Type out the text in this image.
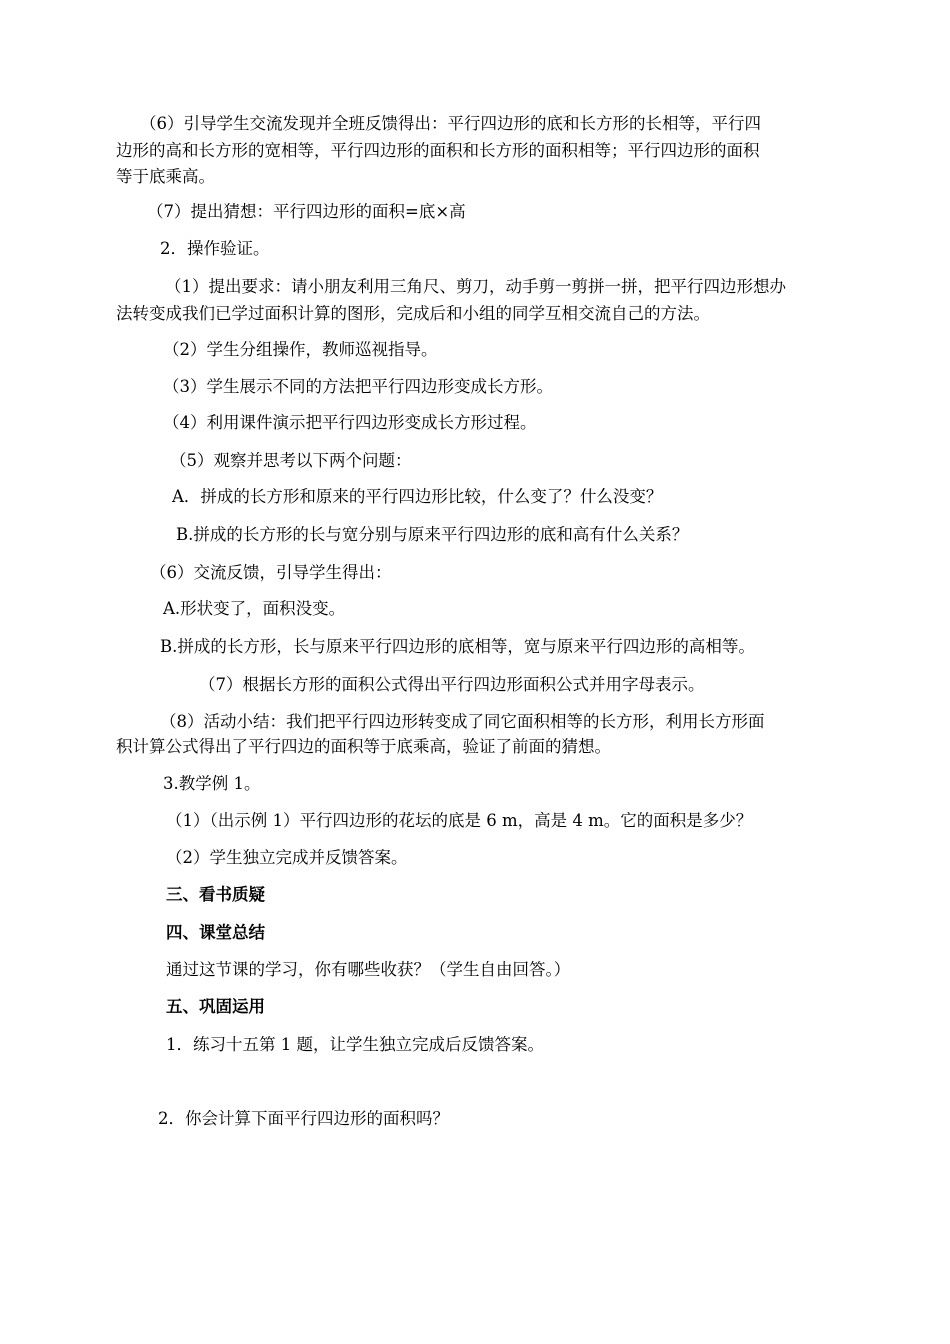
（6）引导学生交流发现并全班反馈得出：平行四边形的底和长方形的长相等，平行四
边形的高和长方形的宽相等，平行四边形的面积和长方形的面积相等；平行四边形的面积
等于底乘高。
（7）提出猜想：平行四边形的面积=底×高
2．操作验证。
（1）提出要求：请小朋友利用三角尺、剪刀，动手剪一剪拼一拼，把平行四边形想办
法转变成我们已学过面积计算的图形，完成后和小组的同学互相交流自己的方法。
（2）学生分组操作，教师巡视指导。
（3）学生展示不同的方法把平行四边形变成长方形。
（4）利用课件演示把平行四边形变成长方形过程。
（5）观察并思考以下两个问题：
A．拼成的长方形和原来的平行四边形比较，什么变了？什么没变？
B.拼成的长方形的长与宽分别与原来平行四边形的底和高有什么关系？
（6）交流反馈，引导学生得出：
A.形状变了，面积没变。
B.拼成的长方形，长与原来平行四边形的底相等，宽与原来平行四边形的高相等。
（7）根据长方形的面积公式得出平行四边形面积公式并用字母表示。
（8）活动小结：我们把平行四边形转变成了同它面积相等的长方形，利用长方形面
积计算公式得出了平行四边的面积等于底乘高，验证了前面的猜想。
3.教学例 1。
（1）（出示例 1）平行四边形的花坛的底是 6 m，高是 4 m。它的面积是多少？
（2）学生独立完成并反馈答案。
三、看书质疑
四、课堂总结
通过这节课的学习，你有哪些收获？（学生自由回答。）
五、巩固运用
1．练习十五第 1 题，让学生独立完成后反馈答案。
2．你会计算下面平行四边形的面积吗？
